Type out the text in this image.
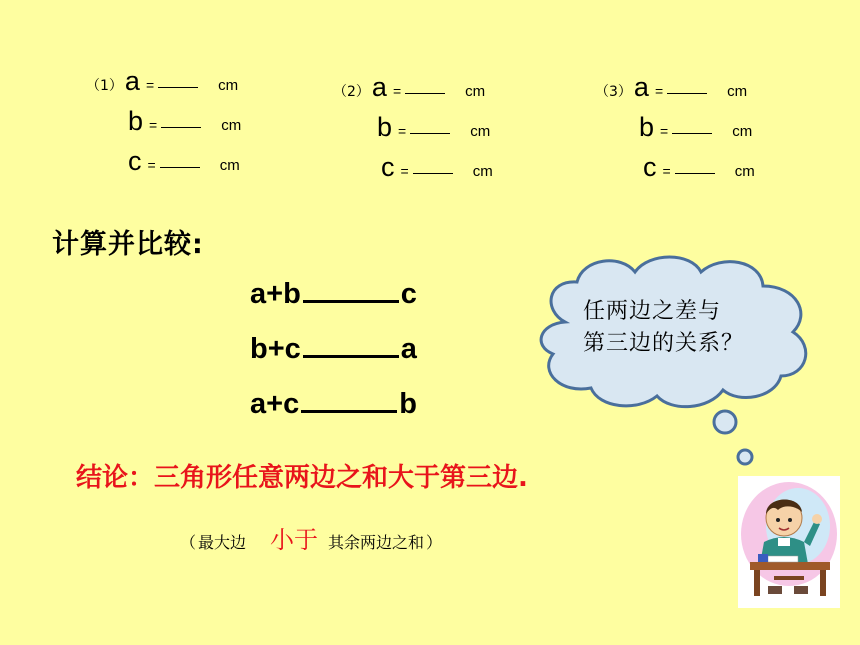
（1） a =	cm
b =	cm
c =	cm
（2） a =	cm
b =	cm
c =	cm
（3） a =	cm
b =	cm
c =	cm
计算并比较:
a+b	c
b+c	a
a+c	b
任两边之差与
第三边的关系？
结论：三角形任意两边之和大于第三边.
（ 最大边 小于 其余两边之和 ）
